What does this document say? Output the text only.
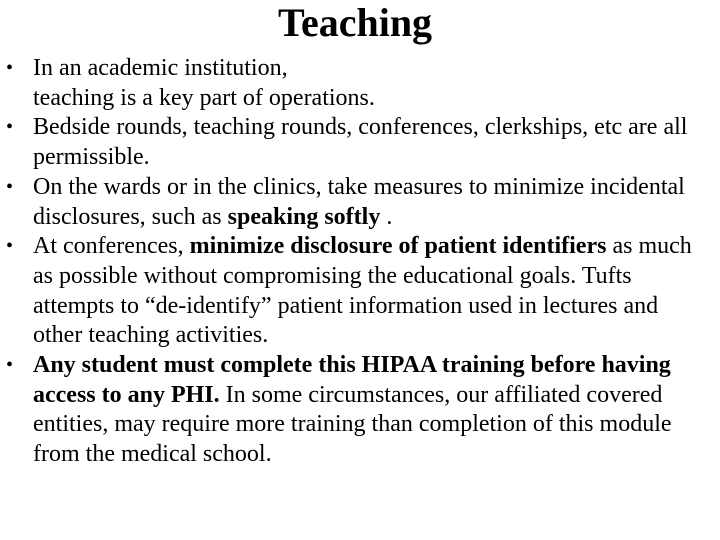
Teaching
• In an academic institution,
teaching is a key part of operations.
• Bedside rounds, teaching rounds, conferences, clerkships, etc are all permissible.
• On the wards or in the clinics, take measures to minimize incidental disclosures, such as speaking softly .
• At conferences, minimize disclosure of patient identifiers as much as possible without compromising the educational goals. Tufts attempts to “de‐identify” patient information used in lectures and other teaching activities.
• Any student must complete this HIPAA training before having access to any PHI. In some circumstances, our affiliated covered entities, may require more training than completion of this module from the medical school.
